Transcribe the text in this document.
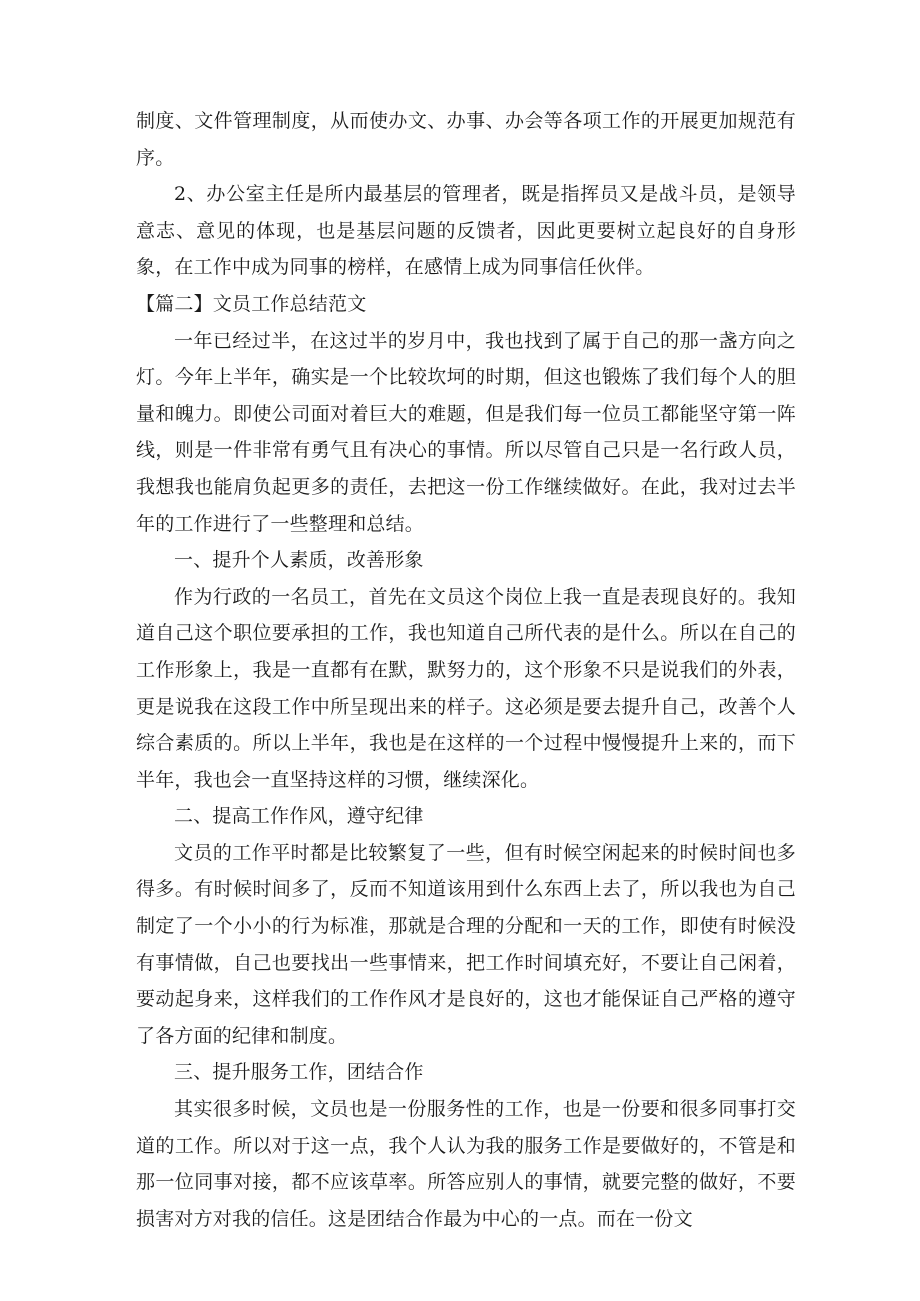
制度、文件管理制度，从而使办文、办事、办会等各项工作的开展更加规范有序。

2、办公室主任是所内最基层的管理者，既是指挥员又是战斗员，是领导意志、意见的体现，也是基层问题的反馈者，因此更要树立起良好的自身形象，在工作中成为同事的榜样，在感情上成为同事信任伙伴。

【篇二】文员工作总结范文

一年已经过半，在这过半的岁月中，我也找到了属于自己的那一盏方向之灯。今年上半年，确实是一个比较坎坷的时期，但这也锻炼了我们每个人的胆量和魄力。即使公司面对着巨大的难题，但是我们每一位员工都能坚守第一阵线，则是一件非常有勇气且有决心的事情。所以尽管自己只是一名行政人员，我想我也能肩负起更多的责任，去把这一份工作继续做好。在此，我对过去半年的工作进行了一些整理和总结。

一、提升个人素质，改善形象

作为行政的一名员工，首先在文员这个岗位上我一直是表现良好的。我知道自己这个职位要承担的工作，我也知道自己所代表的是什么。所以在自己的工作形象上，我是一直都有在默，默努力的，这个形象不只是说我们的外表，更是说我在这段工作中所呈现出来的样子。这必须是要去提升自己，改善个人综合素质的。所以上半年，我也是在这样的一个过程中慢慢提升上来的，而下半年，我也会一直坚持这样的习惯，继续深化。

二、提高工作作风，遵守纪律

文员的工作平时都是比较繁复了一些，但有时候空闲起来的时候时间也多得多。有时候时间多了，反而不知道该用到什么东西上去了，所以我也为自己制定了一个小小的行为标准，那就是合理的分配和一天的工作，即使有时候没有事情做，自己也要找出一些事情来，把工作时间填充好，不要让自己闲着，要动起身来，这样我们的工作作风才是良好的，这也才能保证自己严格的遵守了各方面的纪律和制度。

三、提升服务工作，团结合作

其实很多时候，文员也是一份服务性的工作，也是一份要和很多同事打交道的工作。所以对于这一点，我个人认为我的服务工作是要做好的，不管是和那一位同事对接，都不应该草率。所答应别人的事情，就要完整的做好，不要损害对方对我的信任。这是团结合作最为中心的一点。而在一份文
